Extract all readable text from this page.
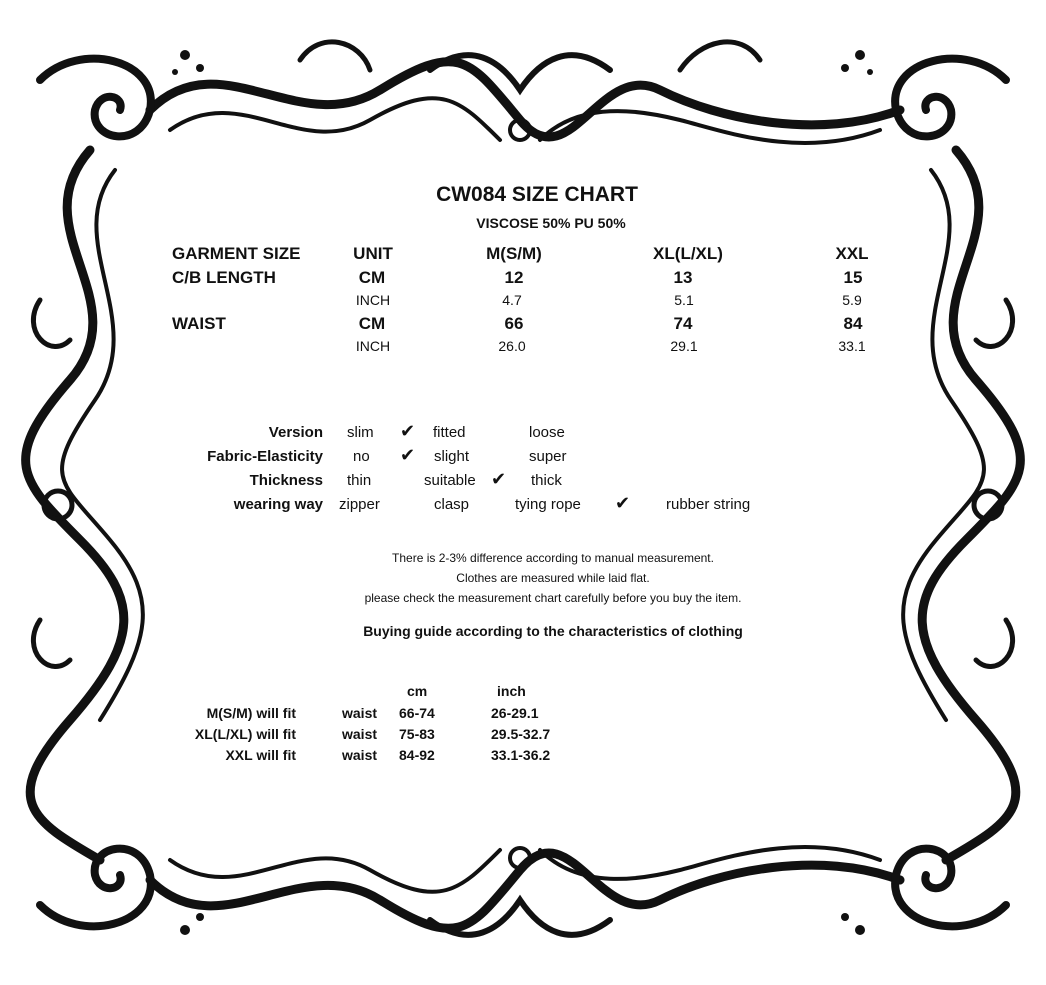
CW084 SIZE CHART
VISCOSE 50% PU 50%
GARMENT SIZE	UNIT	M(S/M)	XL(L/XL)	XXL
C/B LENGTH	CM	12	13	15
INCH	4.7	5.1	5.9
WAIST	CM	66	74	84
INCH	26.0	29.1	33.1
Version slim ✔ fitted	loose
Fabric-Elasticity no ✔ slight	super
Thickness thin	suitable ✔ thick
wearing way zipper	clasp	tying rope ✔ rubber string
There is 2-3% difference according to manual measurement.
Clothes are measured while laid flat.
please check the measurement chart carefully before you buy the item.
Buying guide according to the characteristics of clothing
cm	inch
M(S/M) will fit	waist 66-74	26-29.1
XL(L/XL) will fit	waist 75-83	29.5-32.7
XXL will fit	waist 84-92	33.1-36.2
